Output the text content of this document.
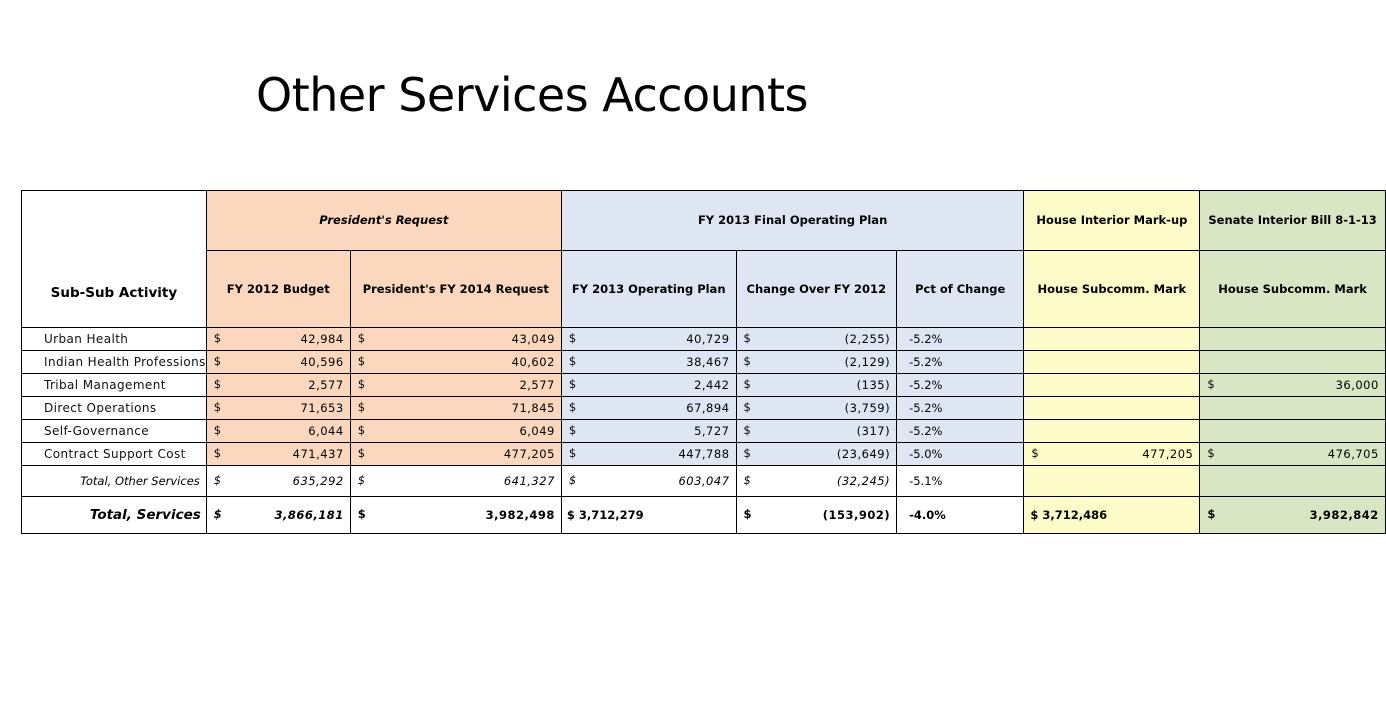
Other Services Accounts
Sub-Sub Activity	President's Request		FY 2013 Final Operating Plan			House Interior Mark-up	Senate Interior Bill 8-1-13
	FY 2012 Budget	President's FY 2014 Request	FY 2013 Operating Plan	Change Over FY 2012	Pct of Change	House Subcomm. Mark	House Subcomm. Mark
Urban Health	$ 42,984	$ 43,049	$ 40,729	$ (2,255)	-5.2%		
Indian Health Professions	$ 40,596	$ 40,602	$ 38,467	$ (2,129)	-5.2%		
Tribal Management	$ 2,577	$ 2,577	$ 2,442	$ (135)	-5.2%		$ 36,000

Direct Operations	$ 71,653	$ 71,845	$ 67,894	$ (3,759)	-5.2%		
Self-Governance	$ 6,044	$ 6,049	$ 5,727	$ (317)	-5.2%		
Contract Support Cost	$ 471,437	$ 477,205	$ 447,788	$ (23,649)	-5.0%	$ 477,205	$ 476,705

Total, Other Services	$ 635,292	$ 641,327	$ 603,047	$ (32,245)	-5.1%		
Total, Services	$ 3,866,181	$ 3,982,498	$ 3,712,279	$ (153,902)	-4.0%	$ 3,712,486	$ 3,982,842
